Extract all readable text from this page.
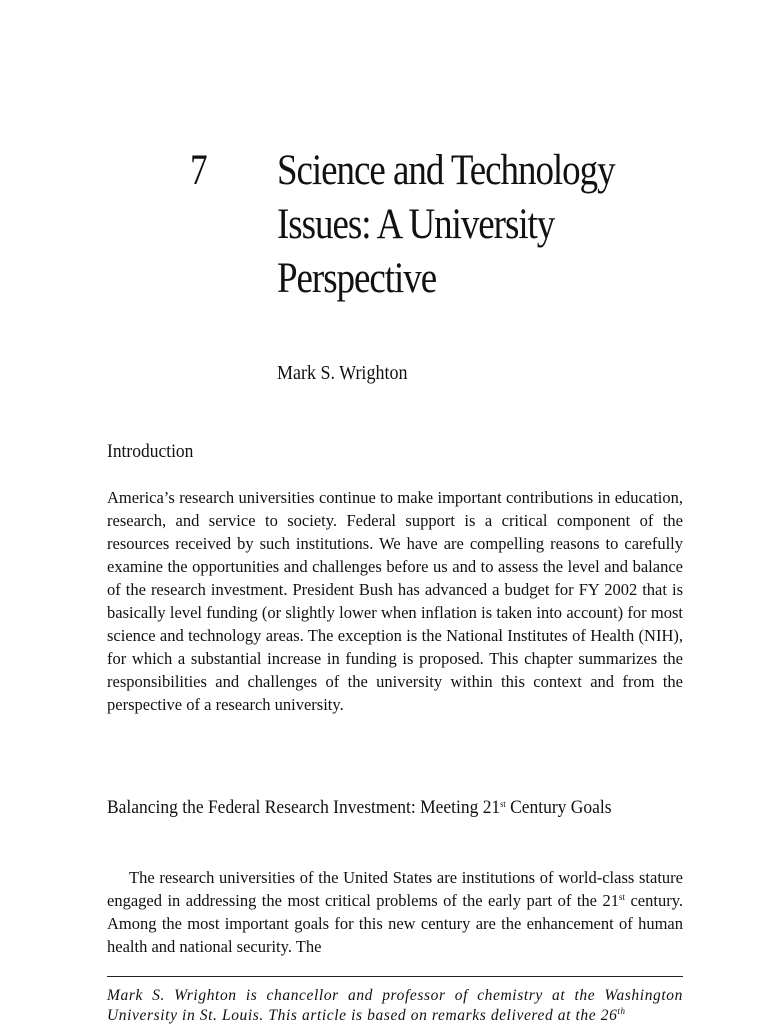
7 Science and Technology
Issues: A University
Perspective
Mark S. Wrighton
Introduction

America’s research universities continue to make important contributions in education, research, and service to society. Federal support is a critical component of the resources received by such institutions. We have are compelling reasons to carefully examine the opportunities and challenges before us and to assess the level and balance of the research investment. President Bush has advanced a budget for FY 2002 that is basically level funding (or slightly lower when inflation is taken into account) for most science and technology areas. The exception is the National Institutes of Health (NIH), for which a substantial increase in funding is proposed. This chapter summarizes the responsibilities and challenges of the university within this context and from the perspective of a research university.

Balancing the Federal Research Investment: Meeting 21st Century Goals

The research universities of the United States are institutions of world-class stature engaged in addressing the most critical problems of the early part of the 21st century. Among the most important goals for this new century are the enhancement of human health and national security. The

Mark S. Wrighton is chancellor and professor of chemistry at the Washington University in St. Louis. This article is based on remarks delivered at the 26th
